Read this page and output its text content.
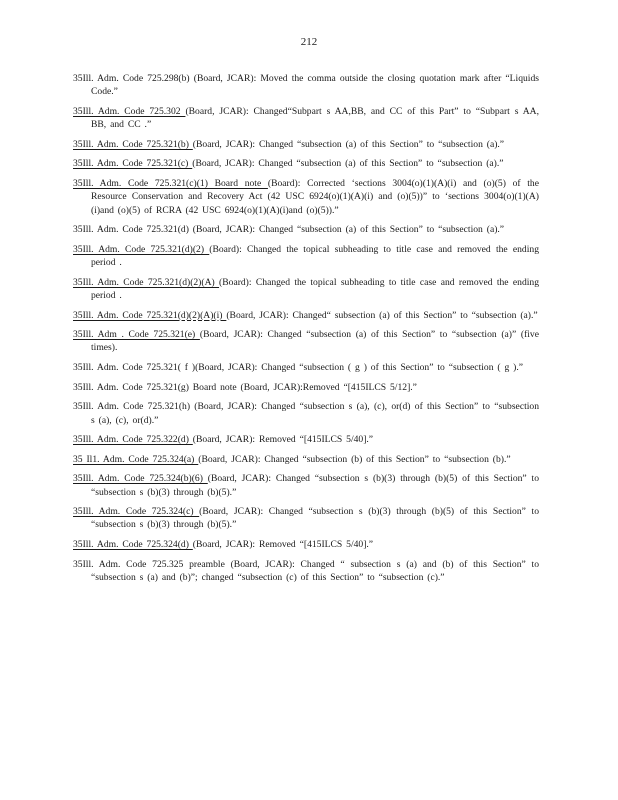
212

35Ill. Adm. Code 725.298(b) (Board, JCAR): Moved the comma outside the closing quotation mark after “Liquids Code.”

35Ill. Adm. Code 725.302 (Board, JCAR): Changed“Subpart s AA,BB, and CC of this Part” to “Subpart s AA, BB, and CC .”

35Ill. Adm. Code 725.321(b) (Board, JCAR): Changed “subsection (a) of this Section” to “subsection (a).”

35Ill. Adm. Code 725.321(c) (Board, JCAR): Changed “subsection (a) of this Section” to “subsection (a).”

35Ill. Adm. Code 725.321(c)(1) Board note (Board): Corrected ‘sections 3004(o)(1)(A)(i) and (o)(5) of the Resource Conservation and Recovery Act (42 USC 6924(o)(1)(A)(i) and (o)(5))” to ‘sections 3004(o)(1)(A)(i)and (o)(5) of RCRA (42 USC 6924(o)(1)(A)(i)and (o)(5)).”

35Ill. Adm. Code 725.321(d) (Board, JCAR): Changed “subsection (a) of this Section” to “subsection (a).”

35Ill. Adm. Code 725.321(d)(2) (Board): Changed the topical subheading to title case and removed the ending period .

35Ill. Adm. Code 725.321(d)(2)(A) (Board): Changed the topical subheading to title case and removed the ending period .

35Ill. Adm. Code 725.321(d)(2)(A)(i) (Board, JCAR): Changed“ subsection (a) of this Section” to “subsection (a).”

35Ill. Adm . Code 725.321(e) (Board, JCAR): Changed “subsection (a) of this Section” to “subsection (a)” (five times).

35Ill. Adm. Code 725.321( f )(Board, JCAR): Changed “subsection ( g ) of this Section” to “subsection ( g ).”

35Ill. Adm. Code 725.321(g) Board note (Board, JCAR):Removed “[415ILCS 5/12].”

35Ill. Adm. Code 725.321(h) (Board, JCAR): Changed “subsection s (a), (c), or(d) of this Section” to “subsection s (a), (c), or(d).”

35Ill. Adm. Code 725.322(d) (Board, JCAR): Removed “[415ILCS 5/40].”

35 Il1. Adm. Code 725.324(a) (Board, JCAR): Changed “subsection (b) of this Section” to “subsection (b).”

35Ill. Adm. Code 725.324(b)(6) (Board, JCAR): Changed “subsection s (b)(3) through (b)(5) of this Section” to “subsection s (b)(3) through (b)(5).”

35Ill. Adm. Code 725.324(c) (Board, JCAR): Changed “subsection s (b)(3) through (b)(5) of this Section” to “subsection s (b)(3) through (b)(5).”

35Ill. Adm. Code 725.324(d) (Board, JCAR): Removed “[415ILCS 5/40].”

35Ill. Adm. Code 725.325 preamble (Board, JCAR): Changed “ subsection s (a) and (b) of this Section” to “subsection s (a) and (b)”; changed “subsection (c) of this Section” to “subsection (c).”
